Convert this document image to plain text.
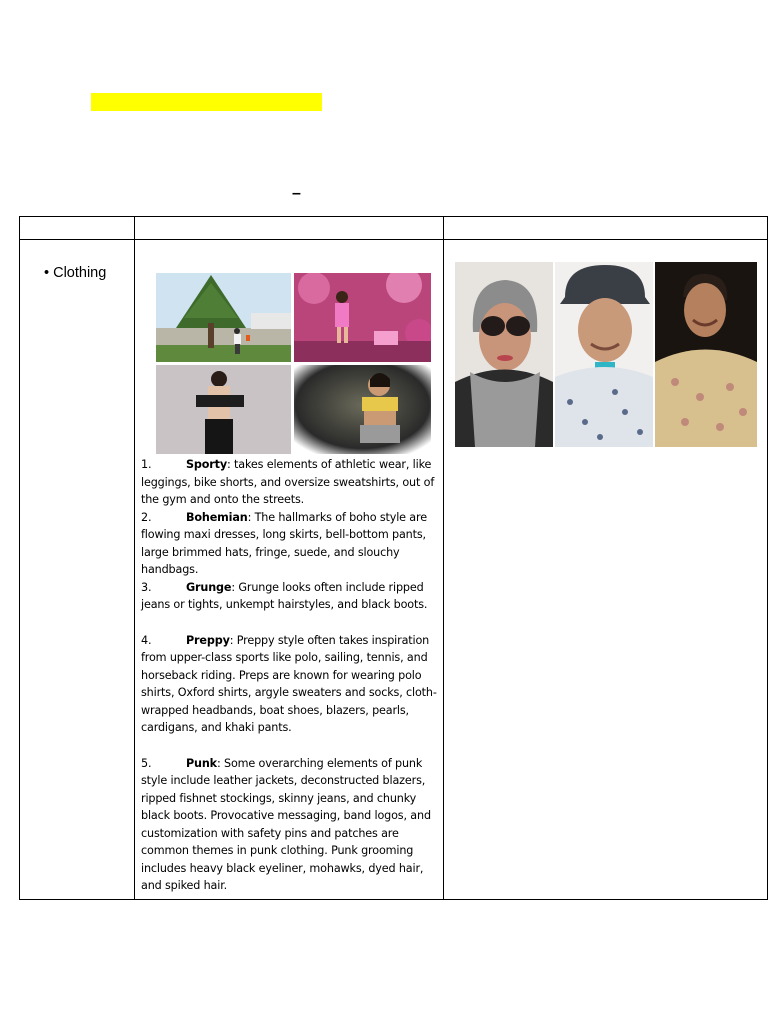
–

• Clothing	1. Sporty: takes elements of athletic wear, like leggings, bike shorts, and oversize sweatshirts, out of the gym and onto the streets.

2. Bohemian: The hallmarks of boho style are flowing maxi dresses, long skirts, bell-bottom pants, large brimmed hats, fringe, suede, and slouchy handbags.

3. Grunge: Grunge looks often include ripped jeans or tights, unkempt hairstyles, and black boots.

4. Preppy: Preppy style often takes inspiration from upper-class sports like polo, sailing, tennis, and horseback riding. Preps are known for wearing polo shirts, Oxford shirts, argyle sweaters and socks, cloth-wrapped headbands, boat shoes, blazers, pearls, cardigans, and khaki pants.

5. Punk: Some overarching elements of punk style include leather jackets, deconstructed blazers, ripped fishnet stockings, skinny jeans, and chunky black boots. Provocative messaging, band logos, and customization with safety pins and patches are common themes in punk clothing. Punk grooming includes heavy black eyeliner, mohawks, dyed hair, and spiked hair.
